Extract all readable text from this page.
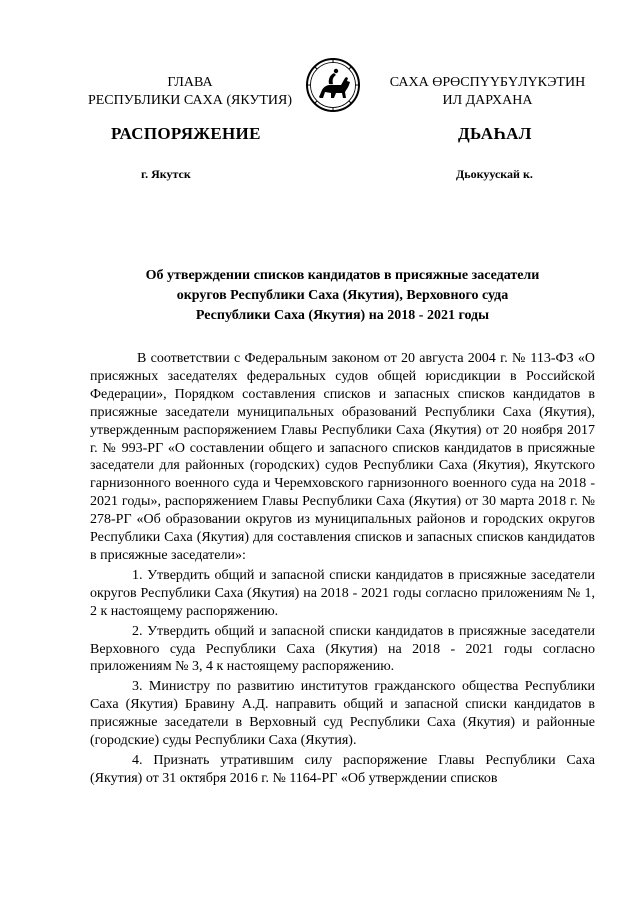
ГЛАВА
РЕСПУБЛИКИ САХА (ЯКУТИЯ)
САХА ӨРӨСПҮҮБҮЛҮКЭТИН
ИЛ ДАРХАНА
РАСПОРЯЖЕНИЕ	ДЬАҺАЛ
г. Якутск	Дьокуускай к.
Об утверждении списков кандидатов в присяжные заседатели
округов Республики Саха (Якутия), Верховного суда
Республики Саха (Якутия) на 2018 - 2021 годы

В соответствии с Федеральным законом от 20 августа 2004 г. № 113-ФЗ «О присяжных заседателях федеральных судов общей юрисдикции в Российской Федерации», Порядком составления списков и запасных списков кандидатов в присяжные заседатели муниципальных образований Республики Саха (Якутия), утвержденным распоряжением Главы Республики Саха (Якутия) от 20 ноября 2017 г. № 993-РГ «О составлении общего и запасного списков кандидатов в присяжные заседатели для районных (городских) судов Республики Саха (Якутия), Якутского гарнизонного военного суда и Черемховского гарнизонного военного суда на 2018 - 2021 годы», распоряжением Главы Республики Саха (Якутия) от 30 марта 2018 г. № 278-РГ «Об образовании округов из муниципальных районов и городских округов Республики Саха (Якутия) для составления списков и запасных списков кандидатов в присяжные заседатели»:

1. Утвердить общий и запасной списки кандидатов в присяжные заседатели округов Республики Саха (Якутия) на 2018 - 2021 годы согласно приложениям № 1, 2 к настоящему распоряжению.

2. Утвердить общий и запасной списки кандидатов в присяжные заседатели Верховного суда Республики Саха (Якутия) на 2018 - 2021 годы согласно приложениям № 3, 4 к настоящему распоряжению.

3. Министру по развитию институтов гражданского общества Республики Саха (Якутия) Бравину А.Д. направить общий и запасной списки кандидатов в присяжные заседатели в Верховный суд Республики Саха (Якутия) и районные (городские) суды Республики Саха (Якутия).

4. Признать утратившим силу распоряжение Главы Республики Саха (Якутия) от 31 октября 2016 г. № 1164-РГ «Об утверждении списков
